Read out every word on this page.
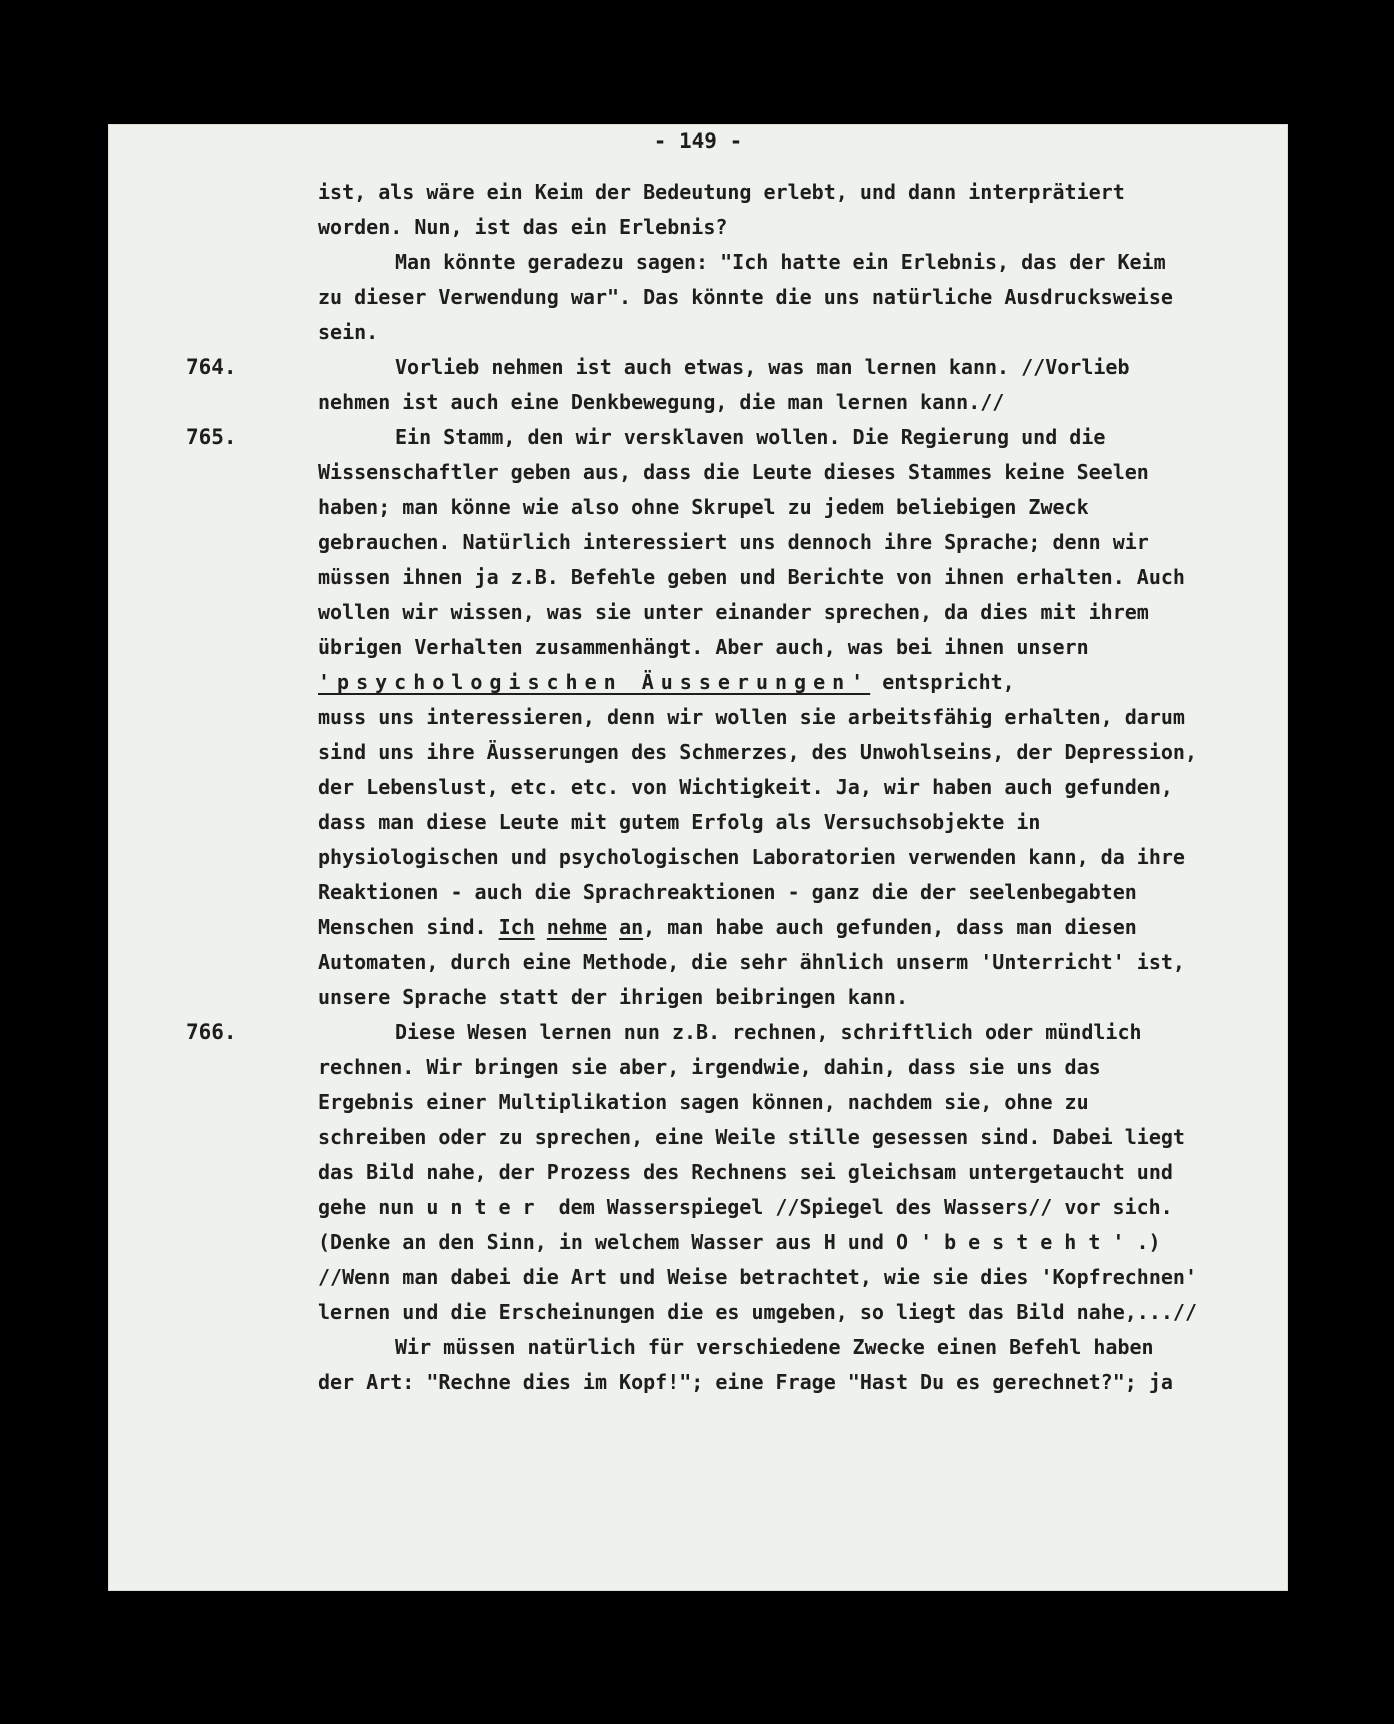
- 149 -
ist, als wäre ein Keim der Bedeutung erlebt, und dann interprätiert
worden. Nun, ist das ein Erlebnis?
Man könnte geradezu sagen: "Ich hatte ein Erlebnis, das der Keim
zu dieser Verwendung war". Das könnte die uns natürliche Ausdrucksweise
sein.
764.	Vorlieb nehmen ist auch etwas, was man lernen kann. //Vorlieb
nehmen ist auch eine Denkbewegung, die man lernen kann.//
765.	Ein Stamm, den wir versklaven wollen. Die Regierung und die
Wissenschaftler geben aus, dass die Leute dieses Stammes keine Seelen
haben; man könne wie also ohne Skrupel zu jedem beliebigen Zweck
gebrauchen. Natürlich interessiert uns dennoch ihre Sprache; denn wir
müssen ihnen ja z.B. Befehle geben und Berichte von ihnen erhalten. Auch
wollen wir wissen, was sie unter einander sprechen, da dies mit ihrem
übrigen Verhalten zusammenhängt. Aber auch, was bei ihnen unsern
'psychologischen Äusserungen' entspricht,
muss uns interessieren, denn wir wollen sie arbeitsfähig erhalten, darum
sind uns ihre Äusserungen des Schmerzes, des Unwohlseins, der Depression,
der Lebenslust, etc. etc. von Wichtigkeit. Ja, wir haben auch gefunden,
dass man diese Leute mit gutem Erfolg als Versuchsobjekte in
physiologischen und psychologischen Laboratorien verwenden kann, da ihre
Reaktionen - auch die Sprachreaktionen - ganz die der seelenbegabten
Menschen sind. Ich nehme an, man habe auch gefunden, dass man diesen
Automaten, durch eine Methode, die sehr ähnlich unserm 'Unterricht' ist,
unsere Sprache statt der ihrigen beibringen kann.
766.	Diese Wesen lernen nun z.B. rechnen, schriftlich oder mündlich
rechnen. Wir bringen sie aber, irgendwie, dahin, dass sie uns das
Ergebnis einer Multiplikation sagen können, nachdem sie, ohne zu
schreiben oder zu sprechen, eine Weile stille gesessen sind. Dabei liegt
das Bild nahe, der Prozess des Rechnens sei gleichsam untergetaucht und
gehe nun unter dem Wasserspiegel //Spiegel des Wassers// vor sich.
(Denke an den Sinn, in welchem Wasser aus H und O 'besteht'.)
//Wenn man dabei die Art und Weise betrachtet, wie sie dies 'Kopfrechnen'
lernen und die Erscheinungen die es umgeben, so liegt das Bild nahe,...//
Wir müssen natürlich für verschiedene Zwecke einen Befehl haben
der Art: "Rechne dies im Kopf!"; eine Frage "Hast Du es gerechnet?"; ja
